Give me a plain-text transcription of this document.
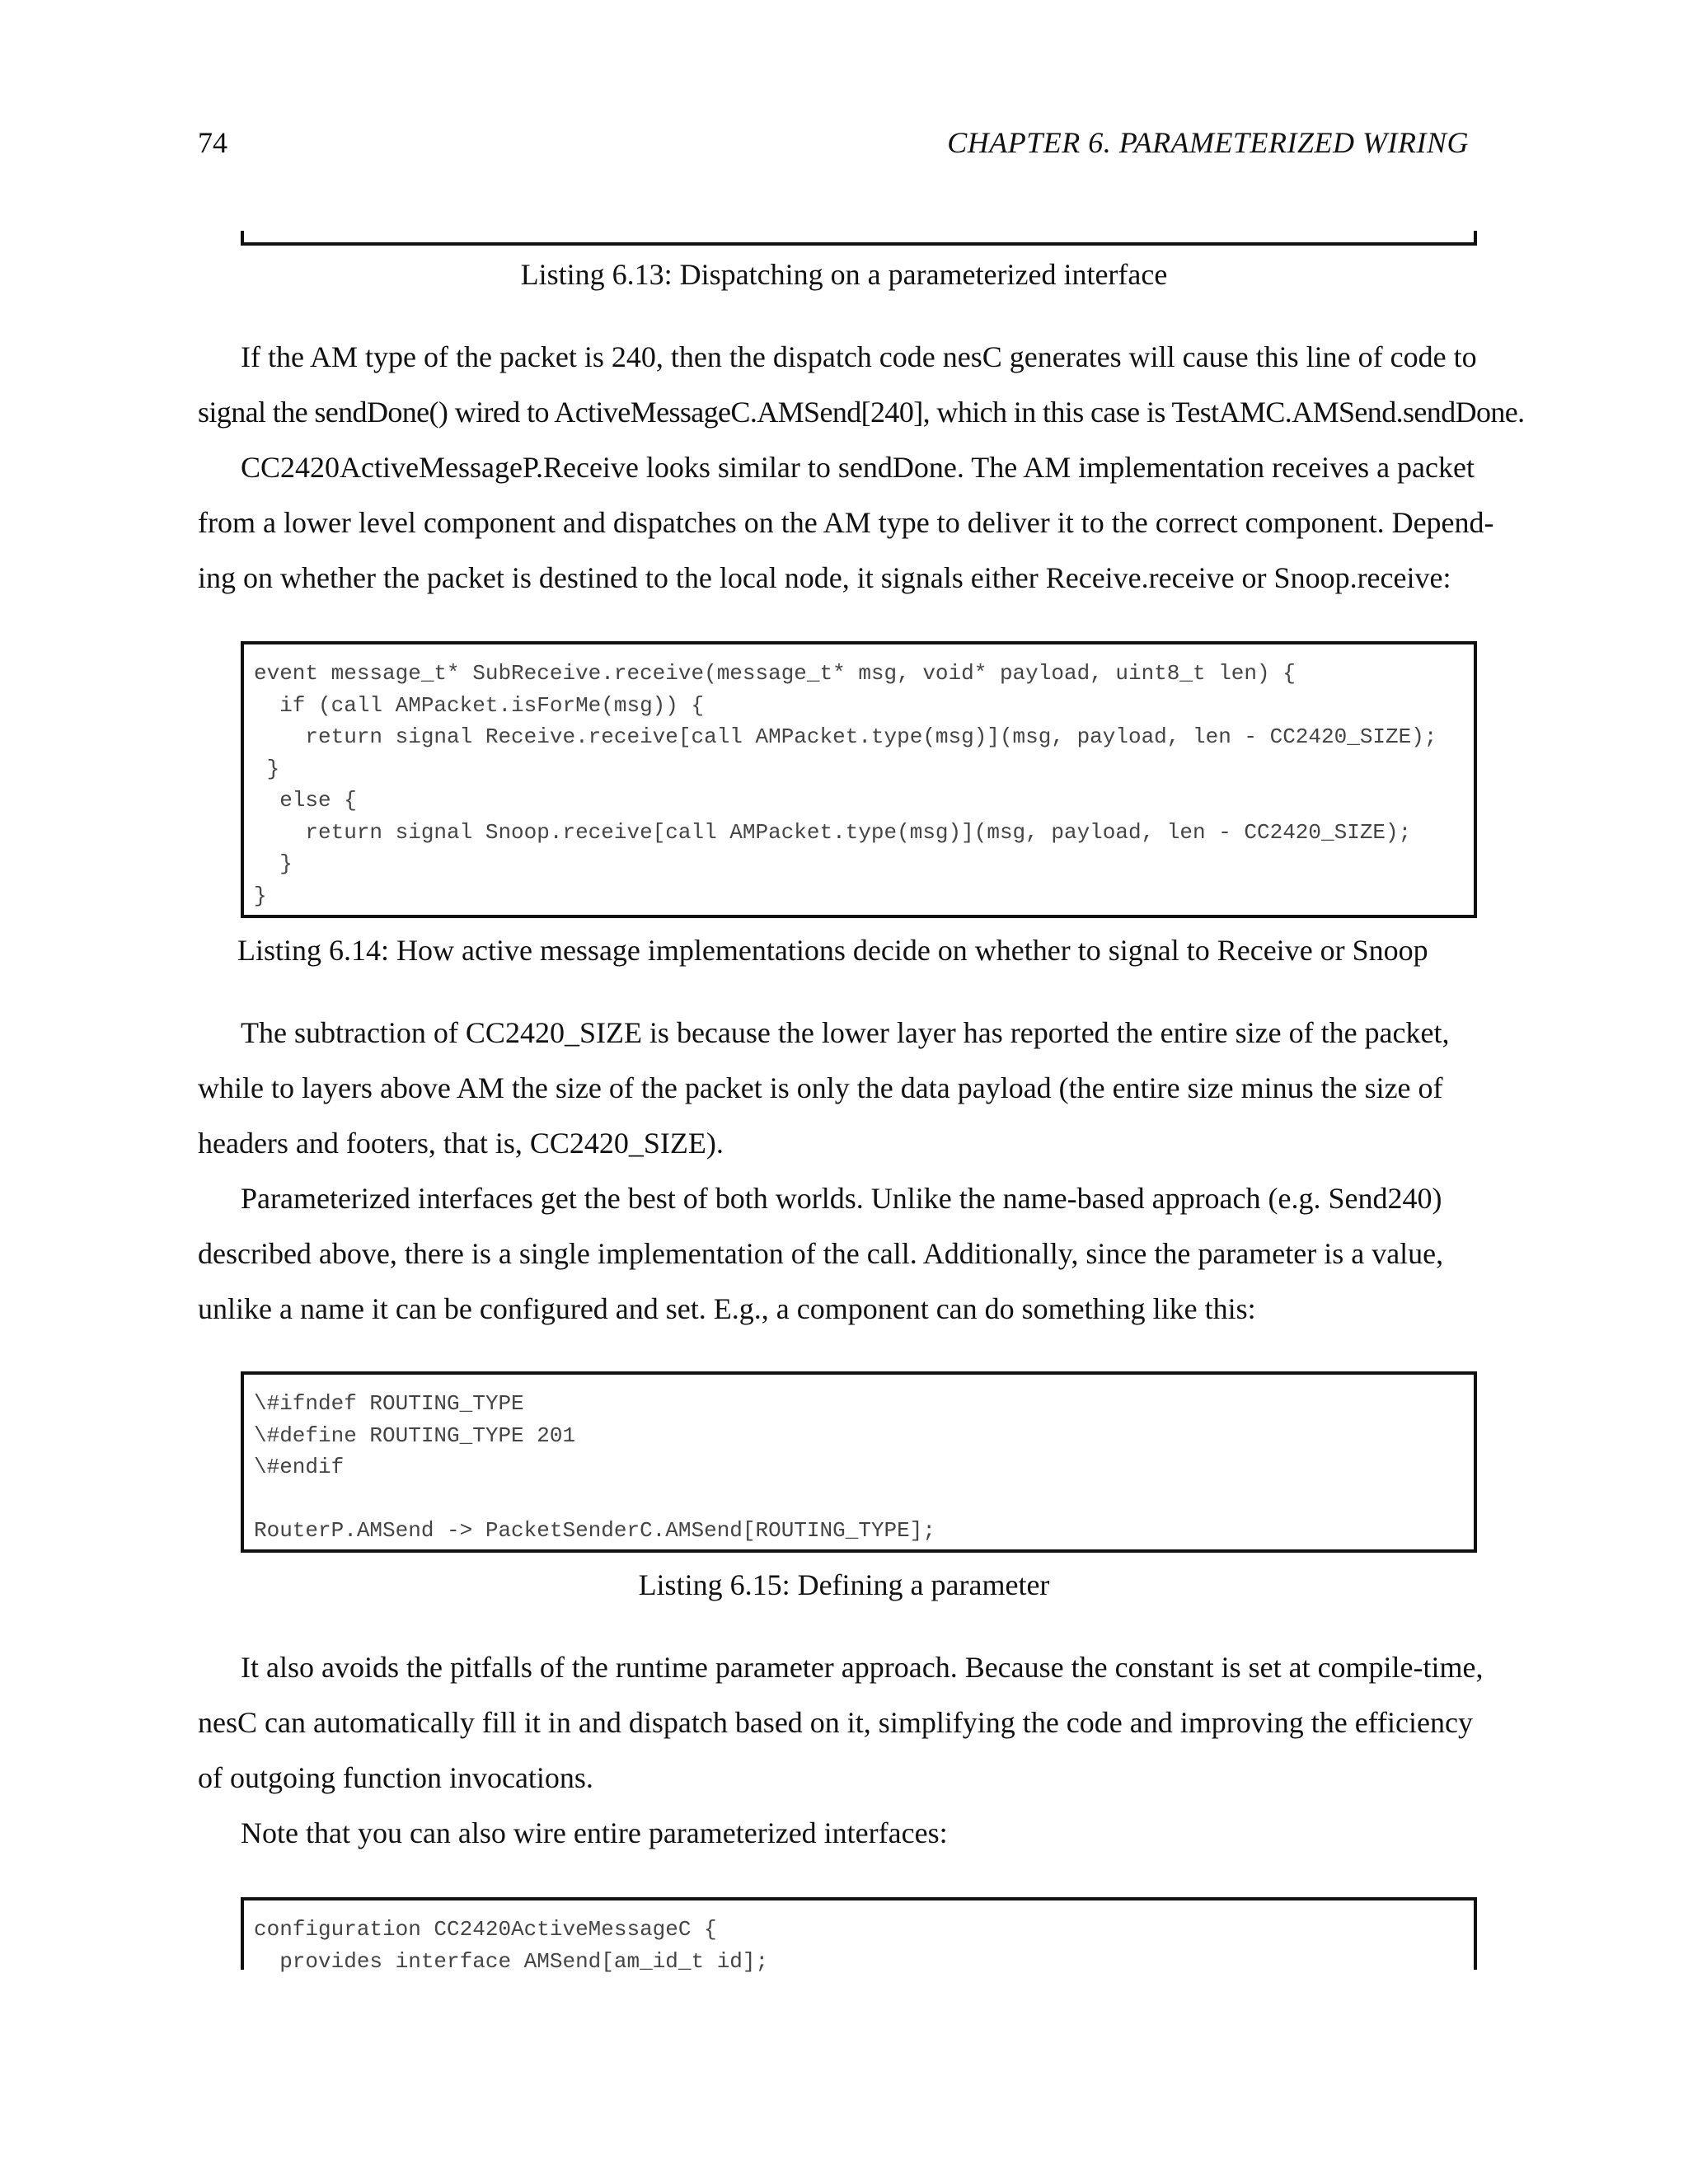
74	CHAPTER 6. PARAMETERIZED WIRING
Listing 6.13: Dispatching on a parameterized interface
If the AM type of the packet is 240, then the dispatch code nesC generates will cause this line of code to
signal the sendDone() wired to ActiveMessageC.AMSend[240], which in this case is TestAMC.AMSend.sendDone.
CC2420ActiveMessageP.Receive looks similar to sendDone. The AM implementation receives a packet
from a lower level component and dispatches on the AM type to deliver it to the correct component. Depend-
ing on whether the packet is destined to the local node, it signals either Receive.receive or Snoop.receive:
event message_t* SubReceive.receive(message_t* msg, void* payload, uint8_t len) {
if (call AMPacket.isForMe(msg)) {
return signal Receive.receive[call AMPacket.type(msg)](msg, payload, len - CC2420_SIZE);
}
else {
return signal Snoop.receive[call AMPacket.type(msg)](msg, payload, len - CC2420_SIZE);
}
}
Listing 6.14: How active message implementations decide on whether to signal to Receive or Snoop
The subtraction of CC2420_SIZE is because the lower layer has reported the entire size of the packet,
while to layers above AM the size of the packet is only the data payload (the entire size minus the size of
headers and footers, that is, CC2420_SIZE).
Parameterized interfaces get the best of both worlds. Unlike the name-based approach (e.g. Send240)
described above, there is a single implementation of the call. Additionally, since the parameter is a value,
unlike a name it can be configured and set. E.g., a component can do something like this:
\#ifndef ROUTING_TYPE
\#define ROUTING_TYPE 201
\#endif
RouterP.AMSend -> PacketSenderC.AMSend[ROUTING_TYPE];
Listing 6.15: Defining a parameter
It also avoids the pitfalls of the runtime parameter approach. Because the constant is set at compile-time,
nesC can automatically fill it in and dispatch based on it, simplifying the code and improving the efficiency
of outgoing function invocations.
Note that you can also wire entire parameterized interfaces:
configuration CC2420ActiveMessageC {
provides interface AMSend[am_id_t id];
